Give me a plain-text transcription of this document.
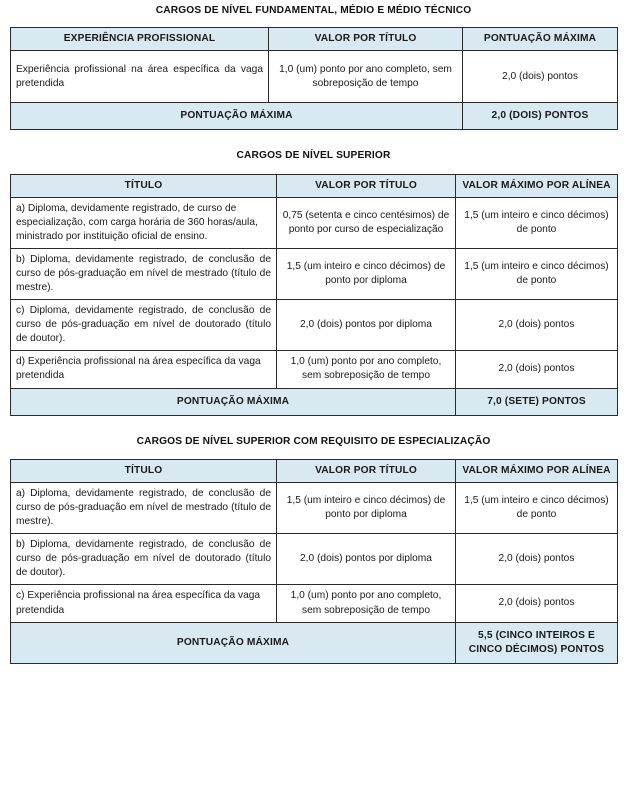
CARGOS DE NÍVEL FUNDAMENTAL, MÉDIO E MÉDIO TÉCNICO
EXPERIÊNCIA PROFISSIONAL	VALOR POR TÍTULO	PONTUAÇÃO MÁXIMA
Experiência profissional na área específica da vaga pretendida	1,0 (um) ponto por ano completo, sem sobreposição de tempo	2,0 (dois) pontos
PONTUAÇÃO MÁXIMA		2,0 (DOIS) PONTOS
CARGOS DE NÍVEL SUPERIOR
TÍTULO	VALOR POR TÍTULO	VALOR MÁXIMO POR ALÍNEA
a) Diploma, devidamente registrado, de curso de especialização, com carga horária de 360 horas/aula, ministrado por instituição oficial de ensino.	0,75 (setenta e cinco centésimos) de ponto por curso de especialização	1,5 (um inteiro e cinco décimos) de ponto
b) Diploma, devidamente registrado, de conclusão de curso de pós-graduação em nível de mestrado (título de mestre).	1,5 (um inteiro e cinco décimos) de ponto por diploma	1,5 (um inteiro e cinco décimos) de ponto
c) Diploma, devidamente registrado, de conclusão de curso de pós-graduação em nível de doutorado (título de doutor).	2,0 (dois) pontos por diploma	2,0 (dois) pontos
d) Experiência profissional na área específica da vaga pretendida	1,0 (um) ponto por ano completo, sem sobreposição de tempo	2,0 (dois) pontos
PONTUAÇÃO MÁXIMA		7,0 (SETE) PONTOS
CARGOS DE NÍVEL SUPERIOR COM REQUISITO DE ESPECIALIZAÇÃO
TÍTULO	VALOR POR TÍTULO	VALOR MÁXIMO POR ALÍNEA
a) Diploma, devidamente registrado, de conclusão de curso de pós-graduação em nível de mestrado (título de mestre).	1,5 (um inteiro e cinco décimos) de ponto por diploma	1,5 (um inteiro e cinco décimos) de ponto
b) Diploma, devidamente registrado, de conclusão de curso de pós-graduação em nível de doutorado (título de doutor).	2,0 (dois) pontos por diploma	2,0 (dois) pontos
c) Experiência profissional na área específica da vaga pretendida	1,0 (um) ponto por ano completo, sem sobreposição de tempo	2,0 (dois) pontos
PONTUAÇÃO MÁXIMA		5,5 (CINCO INTEIROS E CINCO DÉCIMOS) PONTOS
